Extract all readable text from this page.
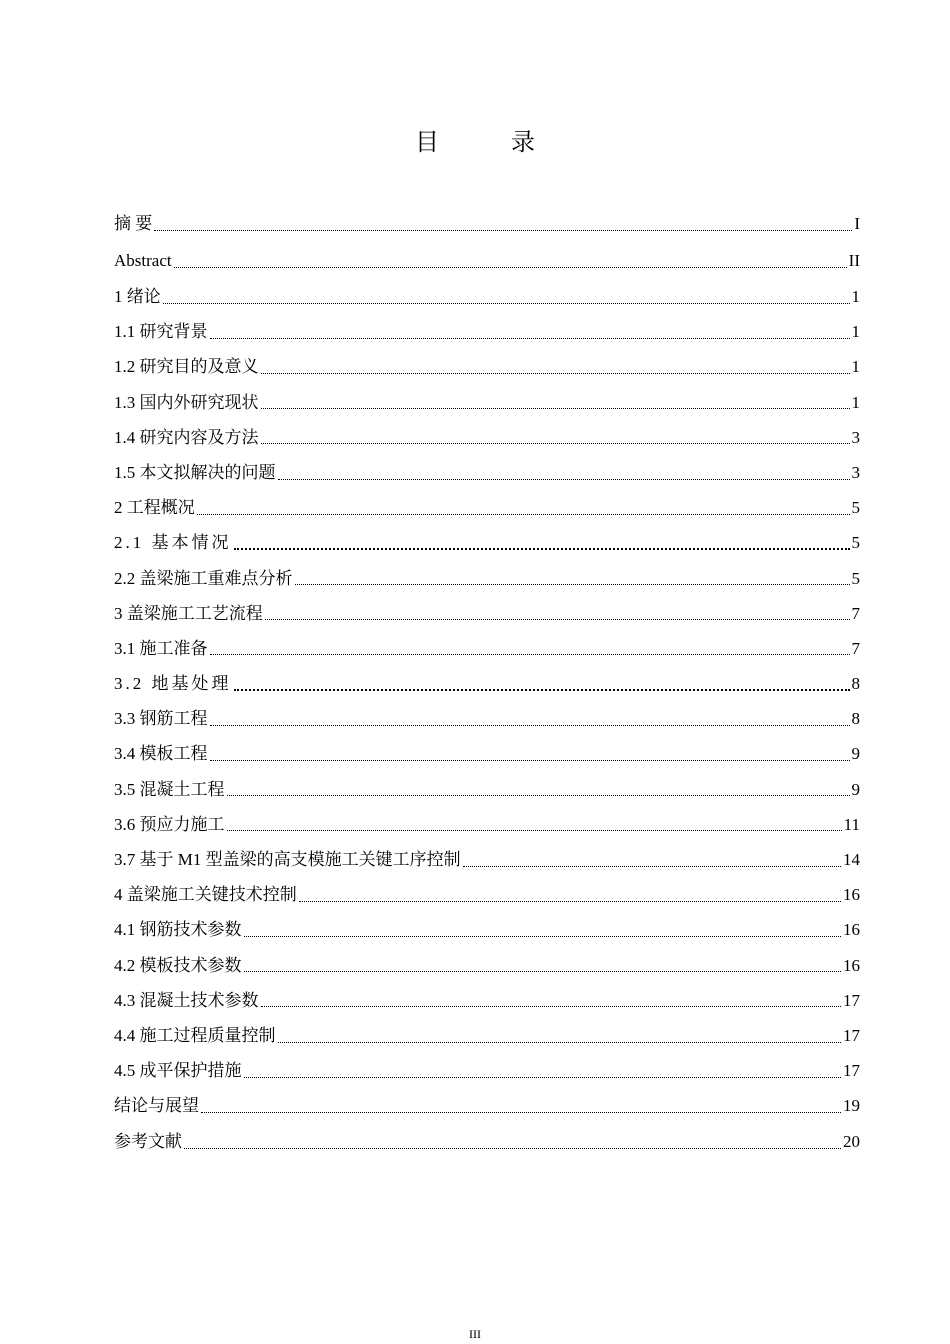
目　录
摘 要	I
Abstract	II
1 绪论	1
1.1 研究背景	1
1.2 研究目的及意义	1
1.3 国内外研究现状	1
1.4 研究内容及方法	3
1.5 本文拟解决的问题	3
2 工程概况	5
2.1 基本情况	5
2.2 盖梁施工重难点分析	5
3 盖梁施工工艺流程	7
3.1 施工准备	7
3.2 地基处理	8
3.3 钢筋工程	8
3.4 模板工程	9
3.5 混凝土工程	9
3.6 预应力施工	11
3.7 基于 M1 型盖梁的高支模施工关键工序控制	14
4 盖梁施工关键技术控制	16
4.1 钢筋技术参数	16
4.2 模板技术参数	16
4.3 混凝土技术参数	17
4.4 施工过程质量控制	17
4.5 成平保护措施	17
结论与展望	19
参考文献	20
III
